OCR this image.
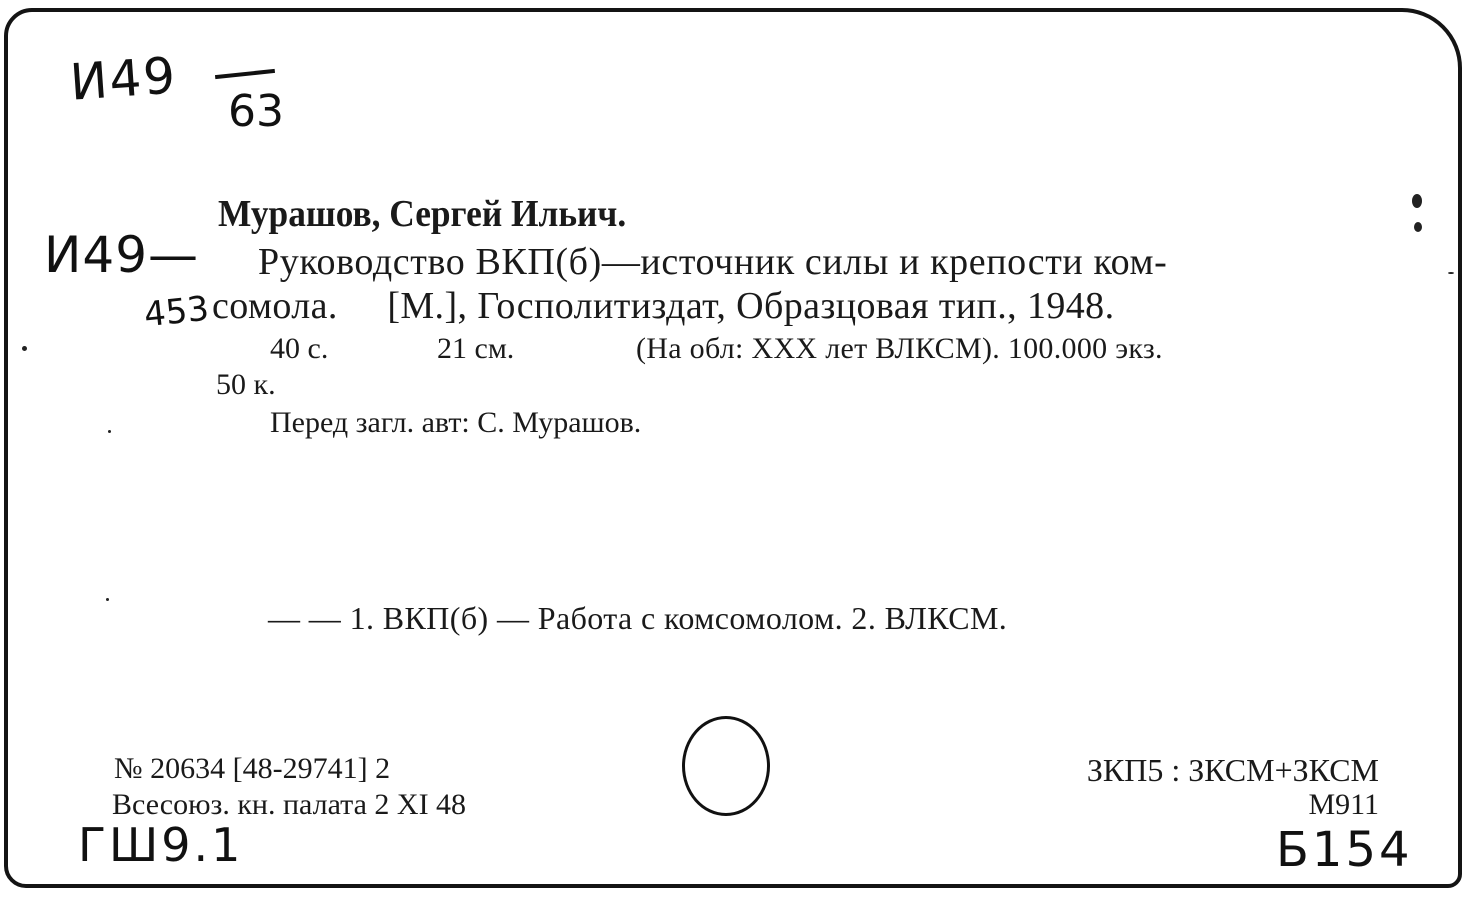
И49 63
И49—
453
Мурашов, Сергей Ильич.
Руководство ВКП(б)—источник силы и крепости ком-
сомола.     [М.], Госполитиздат, Образцовая тип., 1948.
40 с.	21 см.	(На обл: XXX лет ВЛКСМ). 100.000 экз.
50 к.
Перед загл. авт: С. Мурашов.
— — 1. ВКП(б) — Работа с комсомолом. 2. ВЛКСМ.
№ 20634 [48-29741] 2
Всесоюз. кн. палата 2 XI 48
ЗКП5 : ЗКСМ+ЗКСМ
М911
ГШ9.1	Б154
